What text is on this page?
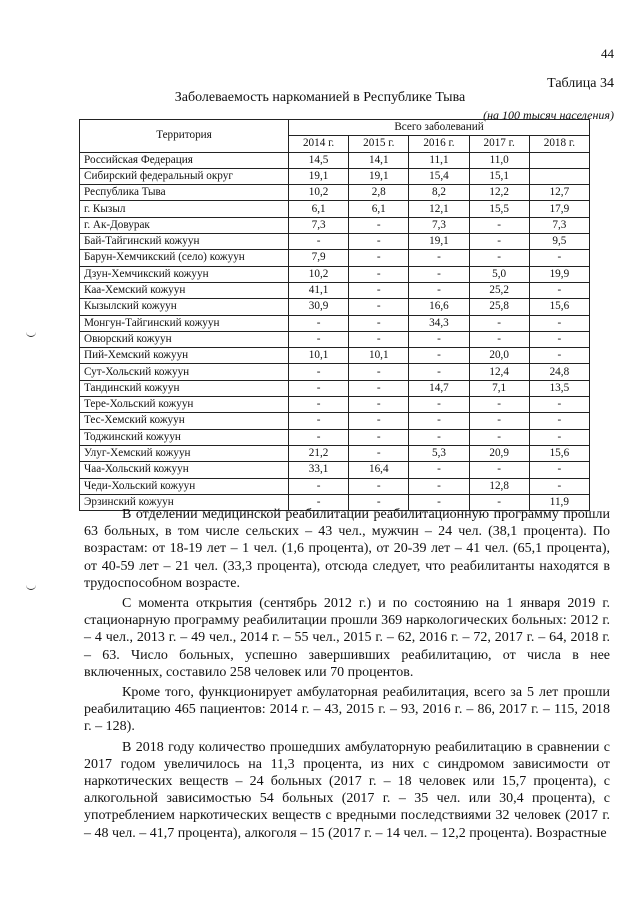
44
Таблица 34
Заболеваемость наркоманией в Республике Тыва
(на 100 тысяч населения)
Территория	Всего заболеваний				
	2014 г.	2015 г.	2016 г.	2017 г.	2018 г.
Российская Федерация	14,5	14,1	11,1	11,0	
Сибирский федеральный округ	19,1	19,1	15,4	15,1	
Республика Тыва	10,2	2,8	8,2	12,2	12,7
г. Кызыл	6,1	6,1	12,1	15,5	17,9
г. Ак-Довурак	7,3	-	7,3	-	7,3
Бай-Тайгинский кожуун	-	-	19,1	-	9,5
Барун-Хемчикский (село) кожуун	7,9	-	-	-	-
Дзун-Хемчикский кожуун	10,2	-	-	5,0	19,9
Каа-Хемский кожуун	41,1	-	-	25,2	-
Кызылский кожуун	30,9	-	16,6	25,8	15,6
Монгун-Тайгинский кожуун	-	-	34,3	-	-
Овюрский кожуун	-	-	-	-	-
Пий-Хемский кожуун	10,1	10,1	-	20,0	-
Сут-Хольский кожуун	-	-	-	12,4	24,8
Тандинский кожуун	-	-	14,7	7,1	13,5
Тере-Хольский кожуун	-	-	-	-	-
Тес-Хемский кожуун	-	-	-	-	-
Тоджинский кожуун	-	-	-	-	-
Улуг-Хемский кожуун	21,2	-	5,3	20,9	15,6
Чаа-Хольский кожуун	33,1	16,4	-	-	-
Чеди-Хольский кожуун	-	-	-	12,8	-
Эрзинский кожуун	-	-	-	-	11,9

В отделении медицинской реабилитации реабилитационную программу прошли 63 больных, в том числе сельских – 43 чел., мужчин – 24 чел. (38,1 процента). По возрастам: от 18-19 лет – 1 чел. (1,6 процента), от 20-39 лет – 41 чел. (65,1 процента), от 40-59 лет – 21 чел. (33,3 процента), отсюда следует, что реабилитанты находятся в трудоспособном возрасте.

С момента открытия (сентябрь 2012 г.) и по состоянию на 1 января 2019 г. стационарную программу реабилитации прошли 369 наркологических больных: 2012 г. – 4 чел., 2013 г. – 49 чел., 2014 г. – 55 чел., 2015 г. – 62, 2016 г. – 72, 2017 г. – 64, 2018 г. – 63. Число больных, успешно завершивших реабилитацию, от числа в нее включенных, составило 258 человек или 70 процентов.

Кроме того, функционирует амбулаторная реабилитация, всего за 5 лет прошли реабилитацию 465 пациентов: 2014 г. – 43, 2015 г. – 93, 2016 г. – 86, 2017 г. – 115, 2018 г. – 128).

В 2018 году количество прошедших амбулаторную реабилитацию в сравнении с 2017 годом увеличилось на 11,3 процента, из них с синдромом зависимости от наркотических веществ – 24 больных (2017 г. – 18 человек или 15,7 процента), с алкогольной зависимостью 54 больных (2017 г. – 35 чел. или 30,4 процента), с употреблением наркотических веществ с вредными последствиями 32 человек (2017 г. – 48 чел. – 41,7 процента), алкоголя – 15 (2017 г. – 14 чел. – 12,2 процента). Возрастные
